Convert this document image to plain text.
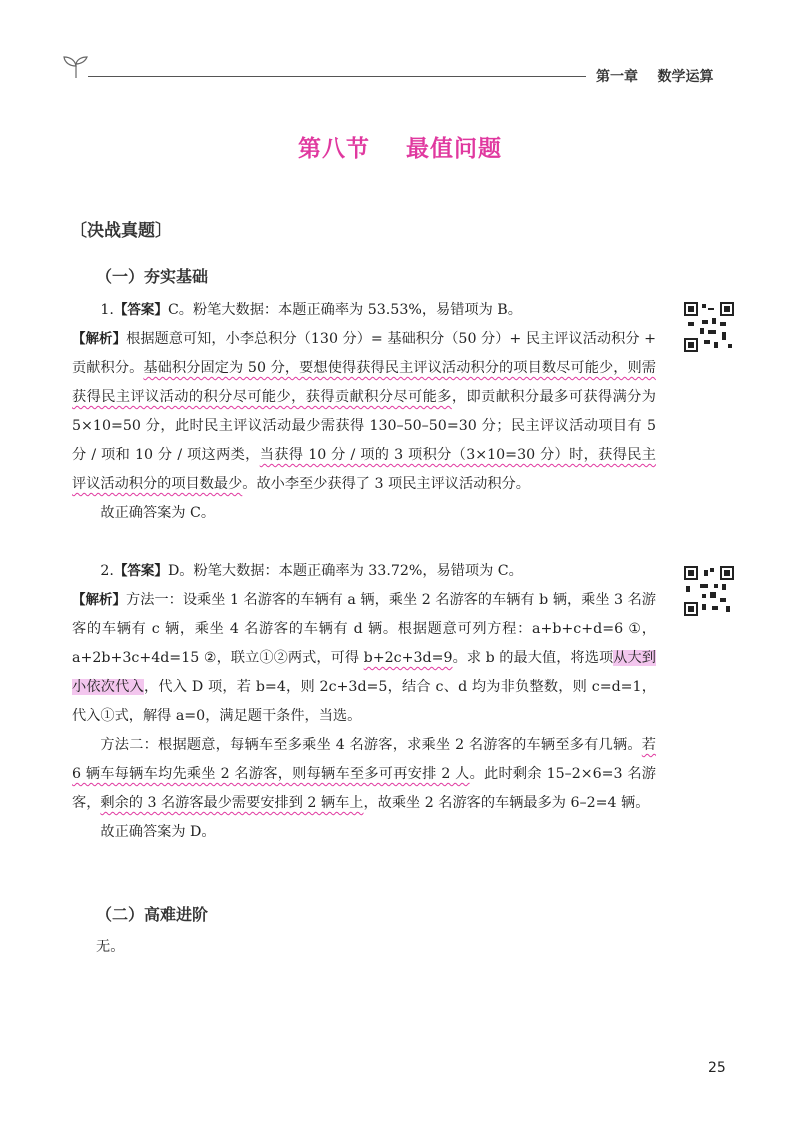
第一章    数学运算
第八节    最值问题
〔决战真题〕
（一）夯实基础

1.【答案】C。粉笔大数据：本题正确率为 53.53%，易错项为 B。

【解析】根据题意可知，小李总积分（130 分）= 基础积分（50 分）+ 民主评议活动积分 + 贡献积分。基础积分固定为 50 分，要想使得获得民主评议活动积分的项目数尽可能少，则需获得民主评议活动的积分尽可能少，获得贡献积分尽可能多，即贡献积分最多可获得满分为 5×10=50 分，此时民主评议活动最少需获得 130–50–50=30 分；民主评议活动项目有 5 分 / 项和 10 分 / 项这两类，当获得 10 分 / 项的 3 项积分（3×10=30 分）时，获得民主评议活动积分的项目数最少。故小李至少获得了 3 项民主评议活动积分。

故正确答案为 C。

2.【答案】D。粉笔大数据：本题正确率为 33.72%，易错项为 C。

【解析】方法一：设乘坐 1 名游客的车辆有 a 辆，乘坐 2 名游客的车辆有 b 辆，乘坐 3 名游客的车辆有 c 辆，乘坐 4 名游客的车辆有 d 辆。根据题意可列方程：a+b+c+d=6 ①，a+2b+3c+4d=15 ②，联立①②两式，可得 b+2c+3d=9。求 b 的最大值，将选项从大到小依次代入，代入 D 项，若 b=4，则 2c+3d=5，结合 c、d 均为非负整数，则 c=d=1，代入①式，解得 a=0，满足题干条件，当选。

方法二：根据题意，每辆车至多乘坐 4 名游客，求乘坐 2 名游客的车辆至多有几辆。若 6 辆车每辆车均先乘坐 2 名游客，则每辆车至多可再安排 2 人。此时剩余 15–2×6=3 名游客，剩余的 3 名游客最少需要安排到 2 辆车上，故乘坐 2 名游客的车辆最多为 6–2=4 辆。

故正确答案为 D。

（二）高难进阶
无。
25
